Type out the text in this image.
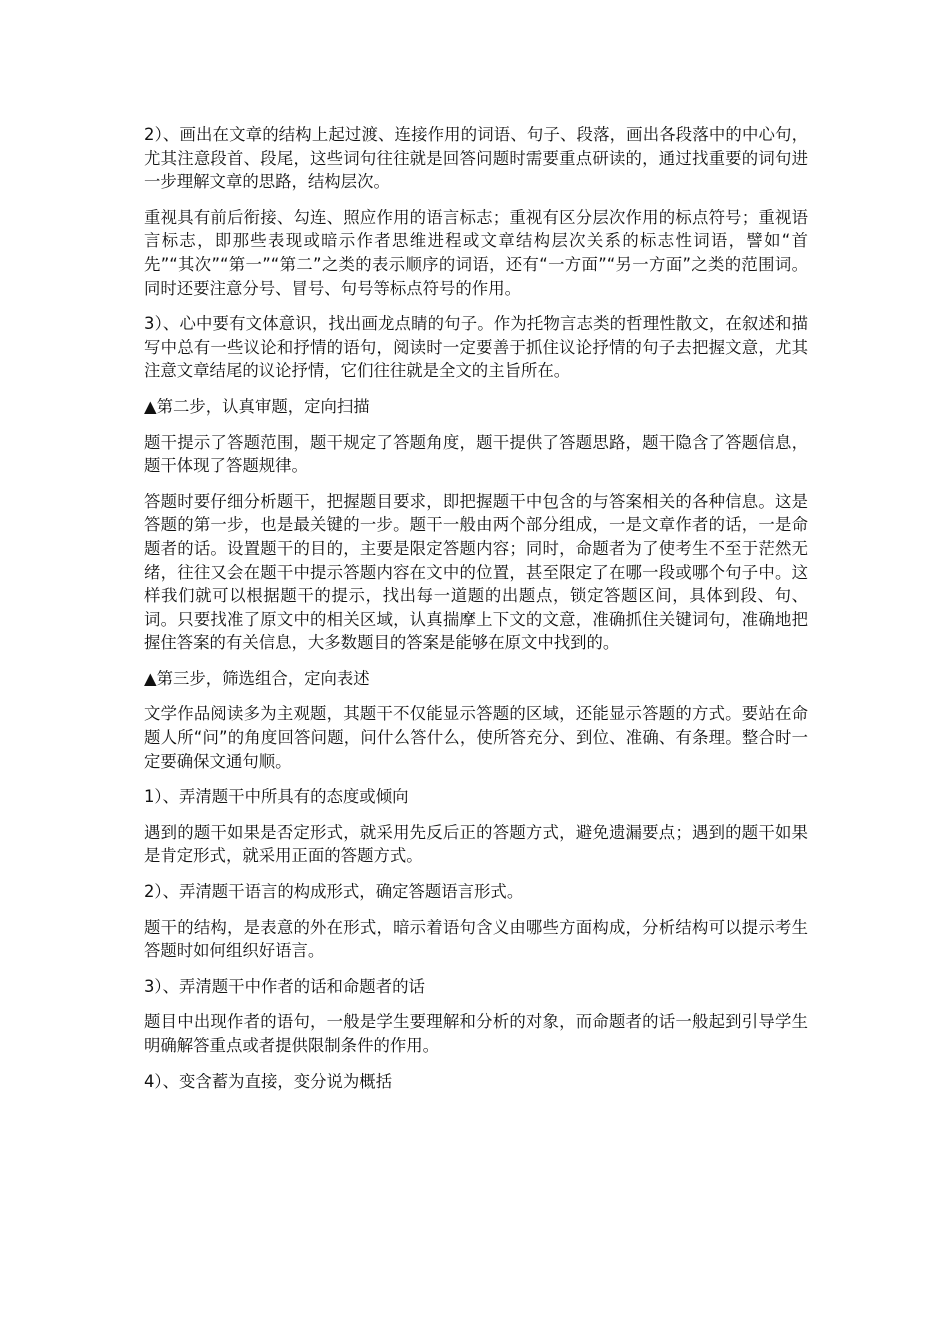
2）、画出在文章的结构上起过渡、连接作用的词语、句子、段落，画出各段落中的中心句，尤其注意段首、段尾，这些词句往往就是回答问题时需要重点研读的，通过找重要的词句进一步理解文章的思路，结构层次。

重视具有前后衔接、勾连、照应作用的语言标志；重视有区分层次作用的标点符号；重视语言标志，即那些表现或暗示作者思维进程或文章结构层次关系的标志性词语，譬如“首先”“其次”“第一”“第二”之类的表示顺序的词语，还有“一方面”“另一方面”之类的范围词。同时还要注意分号、冒号、句号等标点符号的作用。

3）、心中要有文体意识，找出画龙点睛的句子。作为托物言志类的哲理性散文，在叙述和描写中总有一些议论和抒情的语句，阅读时一定要善于抓住议论抒情的句子去把握文意，尤其注意文章结尾的议论抒情，它们往往就是全文的主旨所在。

▲第二步，认真审题，定向扫描

题干提示了答题范围，题干规定了答题角度，题干提供了答题思路，题干隐含了答题信息，题干体现了答题规律。

答题时要仔细分析题干，把握题目要求，即把握题干中包含的与答案相关的各种信息。这是答题的第一步，也是最关键的一步。题干一般由两个部分组成，一是文章作者的话，一是命题者的话。设置题干的目的，主要是限定答题内容；同时，命题者为了使考生不至于茫然无绪，往往又会在题干中提示答题内容在文中的位置，甚至限定了在哪一段或哪个句子中。这样我们就可以根据题干的提示，找出每一道题的出题点，锁定答题区间，具体到段、句、词。只要找准了原文中的相关区域，认真揣摩上下文的文意，准确抓住关键词句，准确地把握住答案的有关信息，大多数题目的答案是能够在原文中找到的。

▲第三步，筛选组合，定向表述

文学作品阅读多为主观题，其题干不仅能显示答题的区域，还能显示答题的方式。要站在命题人所“问”的角度回答问题，问什么答什么，使所答充分、到位、准确、有条理。整合时一定要确保文通句顺。

1）、弄清题干中所具有的态度或倾向

遇到的题干如果是否定形式，就采用先反后正的答题方式，避免遗漏要点；遇到的题干如果是肯定形式，就采用正面的答题方式。

2）、弄清题干语言的构成形式，确定答题语言形式。

题干的结构，是表意的外在形式，暗示着语句含义由哪些方面构成，分析结构可以提示考生答题时如何组织好语言。

3）、弄清题干中作者的话和命题者的话

题目中出现作者的语句，一般是学生要理解和分析的对象，而命题者的话一般起到引导学生明确解答重点或者提供限制条件的作用。

4）、变含蓄为直接，变分说为概括
